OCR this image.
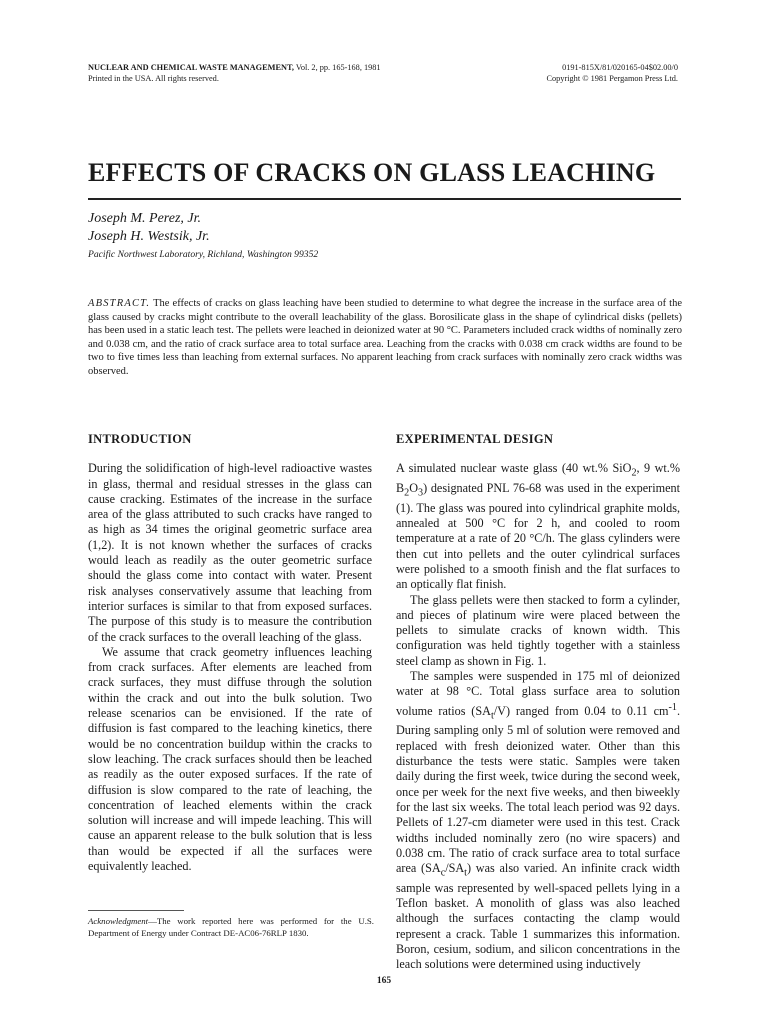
NUCLEAR AND CHEMICAL WASTE MANAGEMENT, Vol. 2, pp. 165-168, 1981
Printed in the USA. All rights reserved.
0191-815X/81/020165-04$02.00/0
Copyright © 1981 Pergamon Press Ltd.
EFFECTS OF CRACKS ON GLASS LEACHING
Joseph M. Perez, Jr.
Joseph H. Westsik, Jr.
Pacific Northwest Laboratory, Richland, Washington 99352
ABSTRACT. The effects of cracks on glass leaching have been studied to determine to what degree the increase in the surface area of the glass caused by cracks might contribute to the overall leachability of the glass. Borosilicate glass in the shape of cylindrical disks (pellets) has been used in a static leach test. The pellets were leached in deionized water at 90 °C. Parameters included crack widths of nominally zero and 0.038 cm, and the ratio of crack surface area to total surface area. Leaching from the cracks with 0.038 cm crack widths are found to be two to five times less than leaching from external surfaces. No apparent leaching from crack surfaces with nominally zero crack widths was observed.
INTRODUCTION

During the solidification of high-level radioactive wastes in glass, thermal and residual stresses in the glass can cause cracking. Estimates of the increase in the surface area of the glass attributed to such cracks have ranged to as high as 34 times the original geometric surface area (1,2). It is not known whether the surfaces of cracks would leach as readily as the outer geometric surface should the glass come into contact with water. Present risk analyses conservatively assume that leaching from interior surfaces is similar to that from exposed surfaces. The purpose of this study is to measure the contribution of the crack surfaces to the overall leaching of the glass.

We assume that crack geometry influences leaching from crack surfaces. After elements are leached from crack surfaces, they must diffuse through the solution within the crack and out into the bulk solution. Two release scenarios can be envisioned. If the rate of diffusion is fast compared to the leaching kinetics, there would be no concentration buildup within the cracks to slow leaching. The crack surfaces should then be leached as readily as the outer exposed surfaces. If the rate of diffusion is slow compared to the rate of leaching, the concentration of leached elements within the crack solution will increase and will impede leaching. This will cause an apparent release to the bulk solution that is less than would be expected if all the surfaces were equivalently leached.

EXPERIMENTAL DESIGN

A simulated nuclear waste glass (40 wt.% SiO$_2$, 9 wt.% $B_2O_3$) designated PNL 76-68 was used in the experiment (1). The glass was poured into cylindrical graphite molds, annealed at 500 °C for 2 h, and cooled to room temperature at a rate of 20 °C/h. The glass cylinders were then cut into pellets and the outer cylindrical surfaces were polished to a smooth finish and the flat surfaces to an optically flat finish.

The glass pellets were then stacked to form a cylinder, and pieces of platinum wire were placed between the pellets to simulate cracks of known width. This configuration was held tightly together with a stainless steel clamp as shown in Fig. 1.

The samples were suspended in 175 ml of deionized water at 98 °C. Total glass surface area to solution volume ratios $(SA_t/V)$ ranged from 0.04 to 0.11 $cm^{-1}$. During sampling only 5 ml of solution were removed and replaced with fresh deionized water. Other than this disturbance the tests were static. Samples were taken daily during the first week, twice during the second week, once per week for the next five weeks, and then biweekly for the last six weeks. The total leach period was 92 days. Pellets of 1.27-cm diameter were used in this test. Crack widths included nominally zero (no wire spacers) and 0.038 cm. The ratio of crack surface area to total surface area $(SA_c/SA_t)$ was also varied. An infinite crack width sample was represented by well-spaced pellets lying in a Teflon basket. A monolith of glass was also leached although the surfaces contacting the clamp would represent a crack. Table 1 summarizes this information. Boron, cesium, sodium, and silicon concentrations in the leach solutions were determined using inductively

Acknowledgment—The work reported here was performed for the U.S. Department of Energy under Contract DE-AC06-76RLP 1830.
165
